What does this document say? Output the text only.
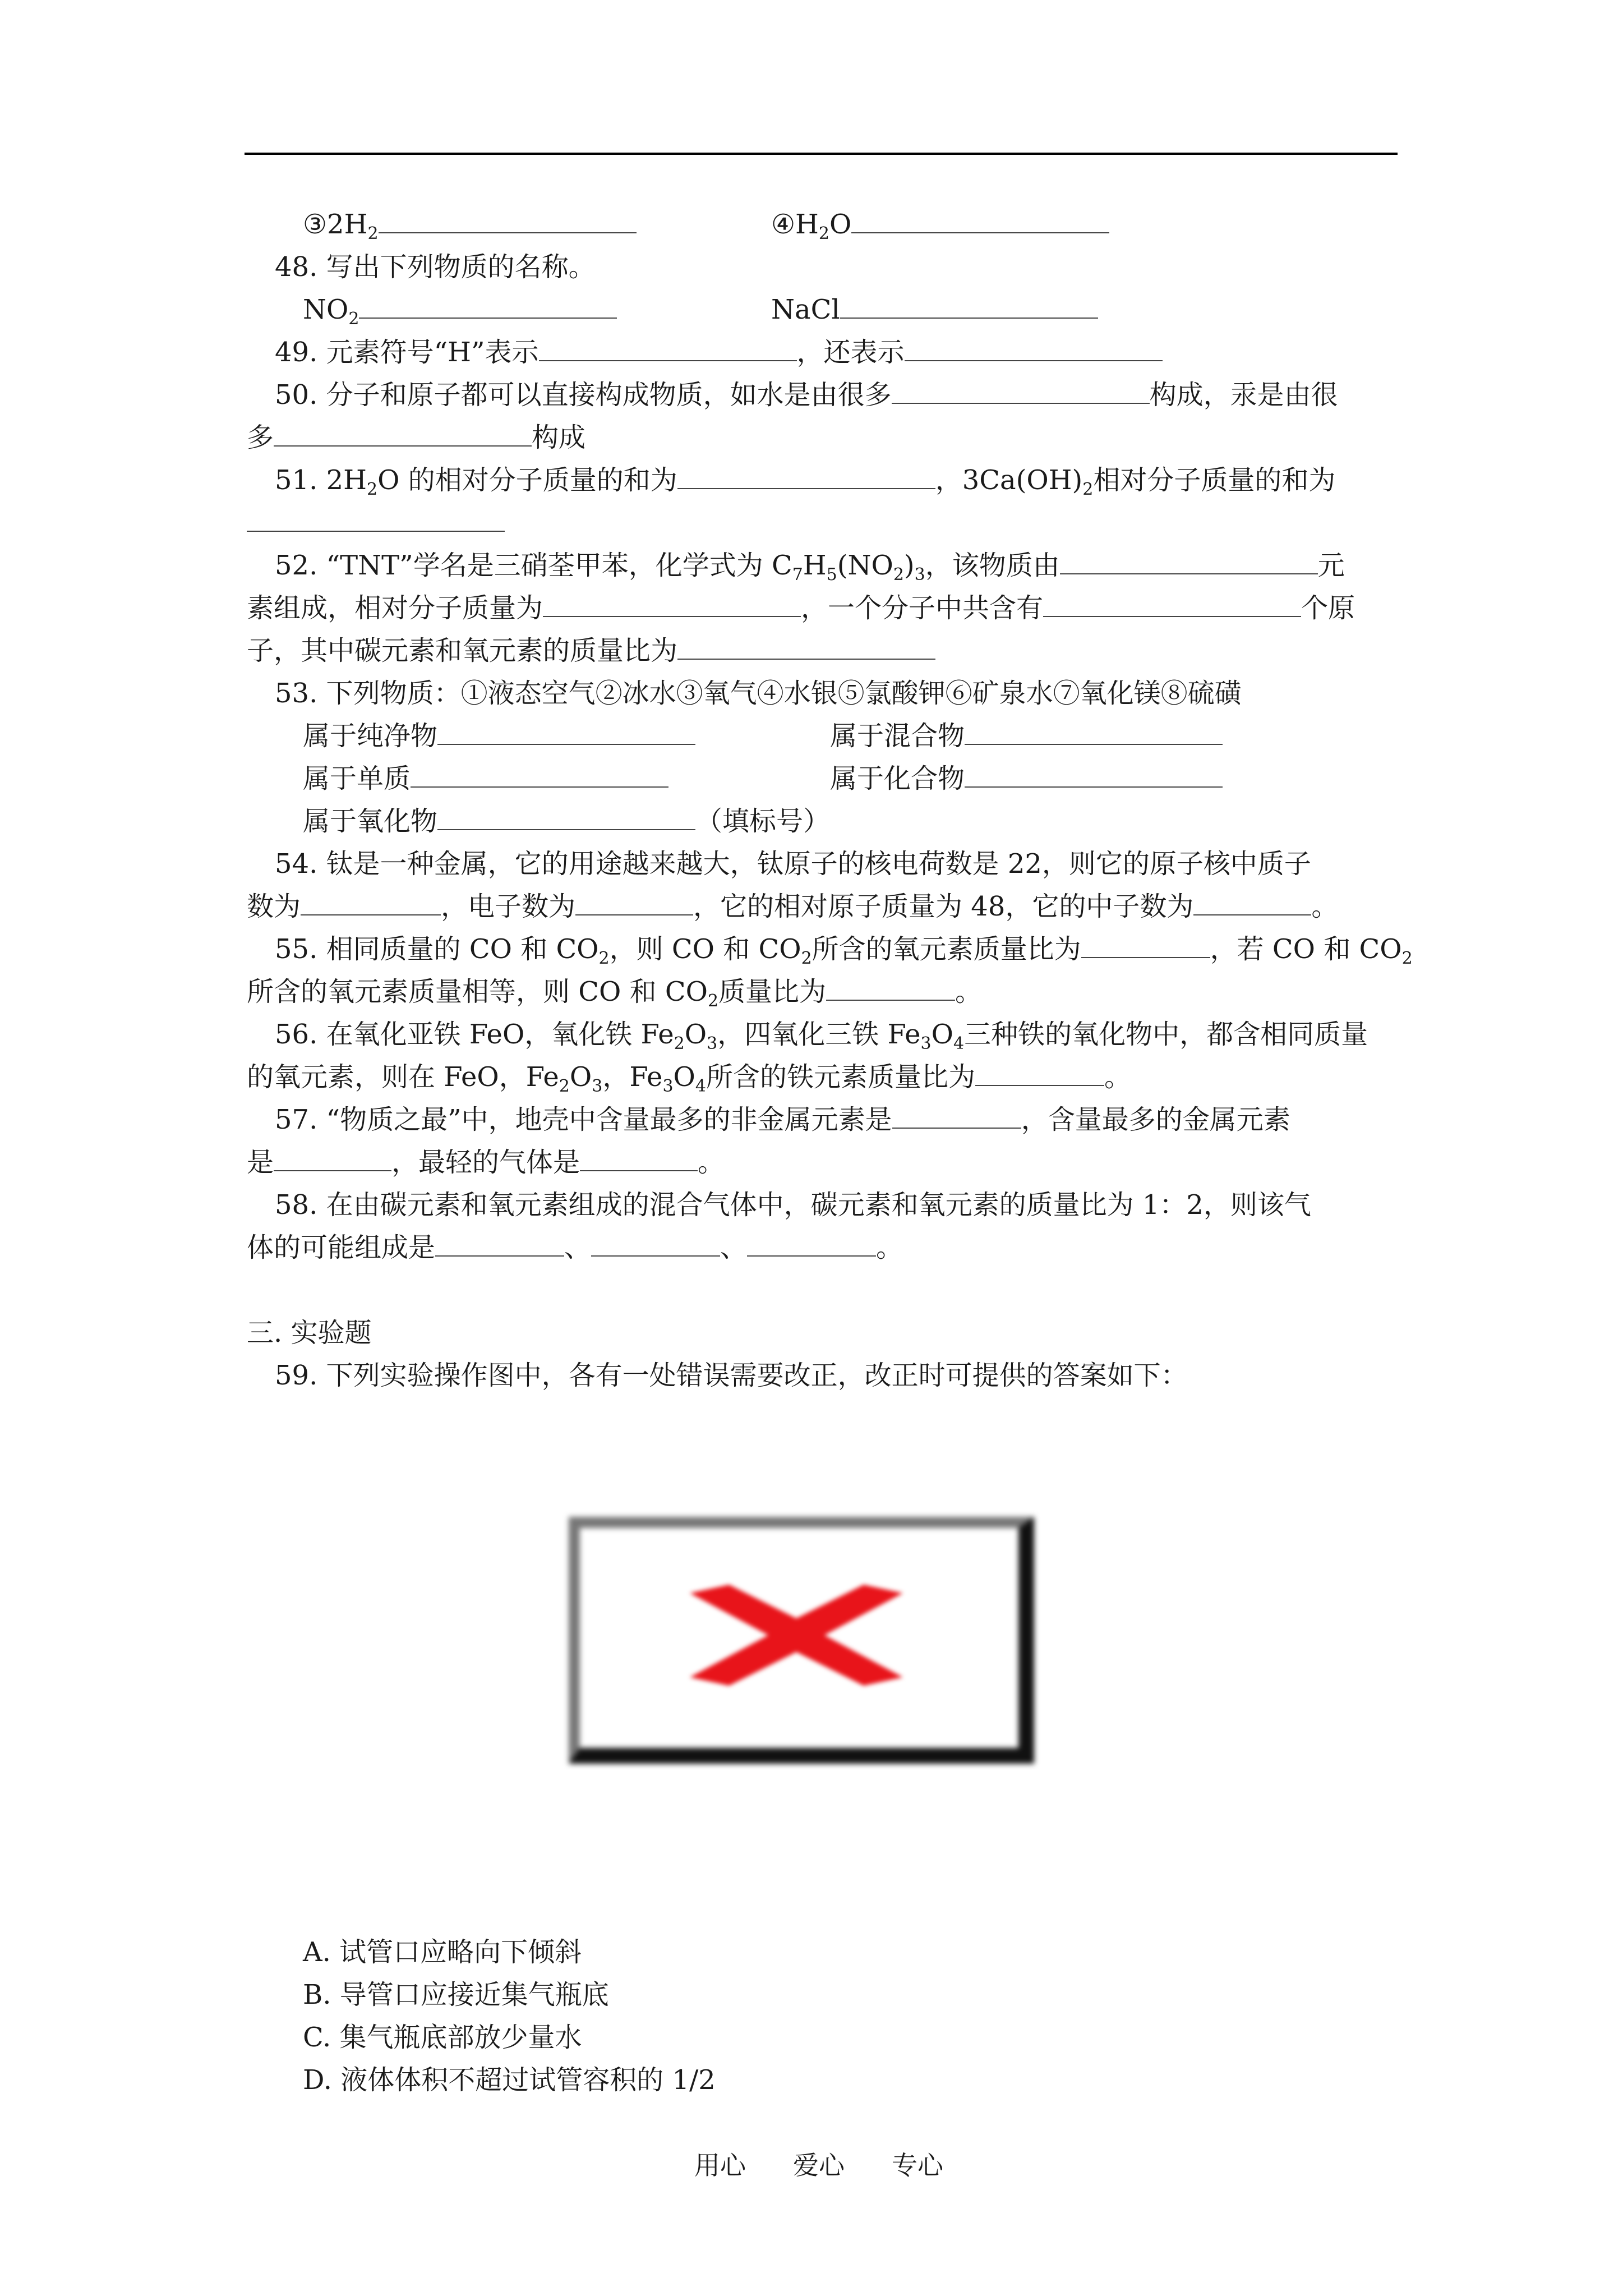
$③2H_2$	$④H_2O$
48. 写出下列物质的名称。
$NO_2$	NaCl
49. 元素符号“H”表示	，还表示
50. 分子和原子都可以直接构成物质，如水是由很多	构成，汞是由很
多	构成
51. $2H_2O$ 的相对分子质量的和为	，$3Ca(OH)_2$相对分子质量的和为
52. “TNT”学名是三硝荃甲苯，化学式为 $C_7H_5(NO_2)_3$，该物质由	元
素组成，相对分子质量为	，一个分子中共含有	个原
子，其中碳元素和氧元素的质量比为
53. 下列物质：①液态空气②冰水③氧气④水银⑤氯酸钾⑥矿泉水⑦氧化镁⑧硫磺
属于纯净物	属于混合物
属于单质	属于化合物
属于氧化物	（填标号）
54. 钛是一种金属，它的用途越来越大，钛原子的核电荷数是 22，则它的原子核中质子
数为	，电子数为	，它的相对原子质量为 48，它的中子数为	。
55. 相同质量的 CO 和 $CO_2$，则 CO 和 $CO_2$所含的氧元素质量比为	，若 CO 和 $CO_2$
所含的氧元素质量相等，则 CO 和 $CO_2$质量比为	。
56. 在氧化亚铁 FeO，氧化铁 $Fe_2O_3$，四氧化三铁 $Fe_3O_4$三种铁的氧化物中，都含相同质量
的氧元素，则在 FeO，$Fe_2O_3$，$Fe_3O_4$所含的铁元素质量比为	。
57. “物质之最”中，地壳中含量最多的非金属元素是	，含量最多的金属元素
是	，最轻的气体是	。
58. 在由碳元素和氧元素组成的混合气体中，碳元素和氧元素的质量比为 1：2，则该气
体的可能组成是	、	、	。
三. 实验题
59. 下列实验操作图中，各有一处错误需要改正，改正时可提供的答案如下：
A. 试管口应略向下倾斜
B. 导管口应接近集气瓶底
C. 集气瓶底部放少量水
D. 液体体积不超过试管容积的 1/2
用心 爱心 专心
